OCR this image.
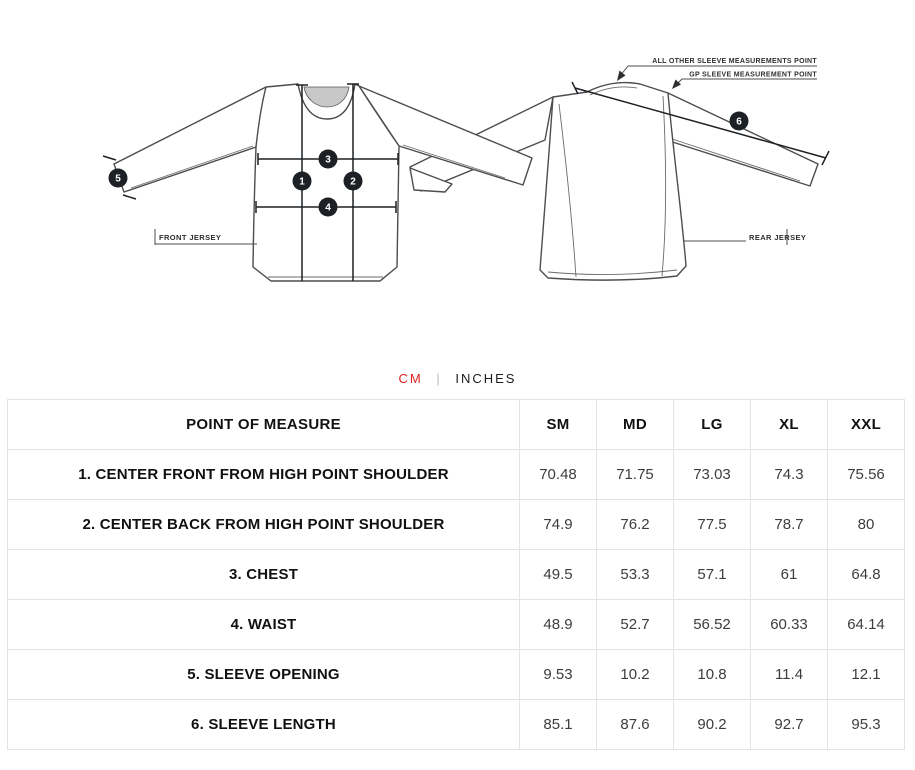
6
ALL OTHER SLEEVE MEASUREMENTS POINT
GP SLEEVE MEASUREMENT POINT
REAR JERSEY
1	2
3
4
5
FRONT JERSEY
CM | INCHES
POINT OF MEASURE	SM	MD	LG	XL	XXL
1. CENTER FRONT FROM HIGH POINT SHOULDER	70.48	71.75	73.03	74.3	75.56
2. CENTER BACK FROM HIGH POINT SHOULDER	74.9	76.2	77.5	78.7	80
3. CHEST	49.5	53.3	57.1	61	64.8
4. WAIST	48.9	52.7	56.52	60.33	64.14
5. SLEEVE OPENING	9.53	10.2	10.8	11.4	12.1
6. SLEEVE LENGTH	85.1	87.6	90.2	92.7	95.3
